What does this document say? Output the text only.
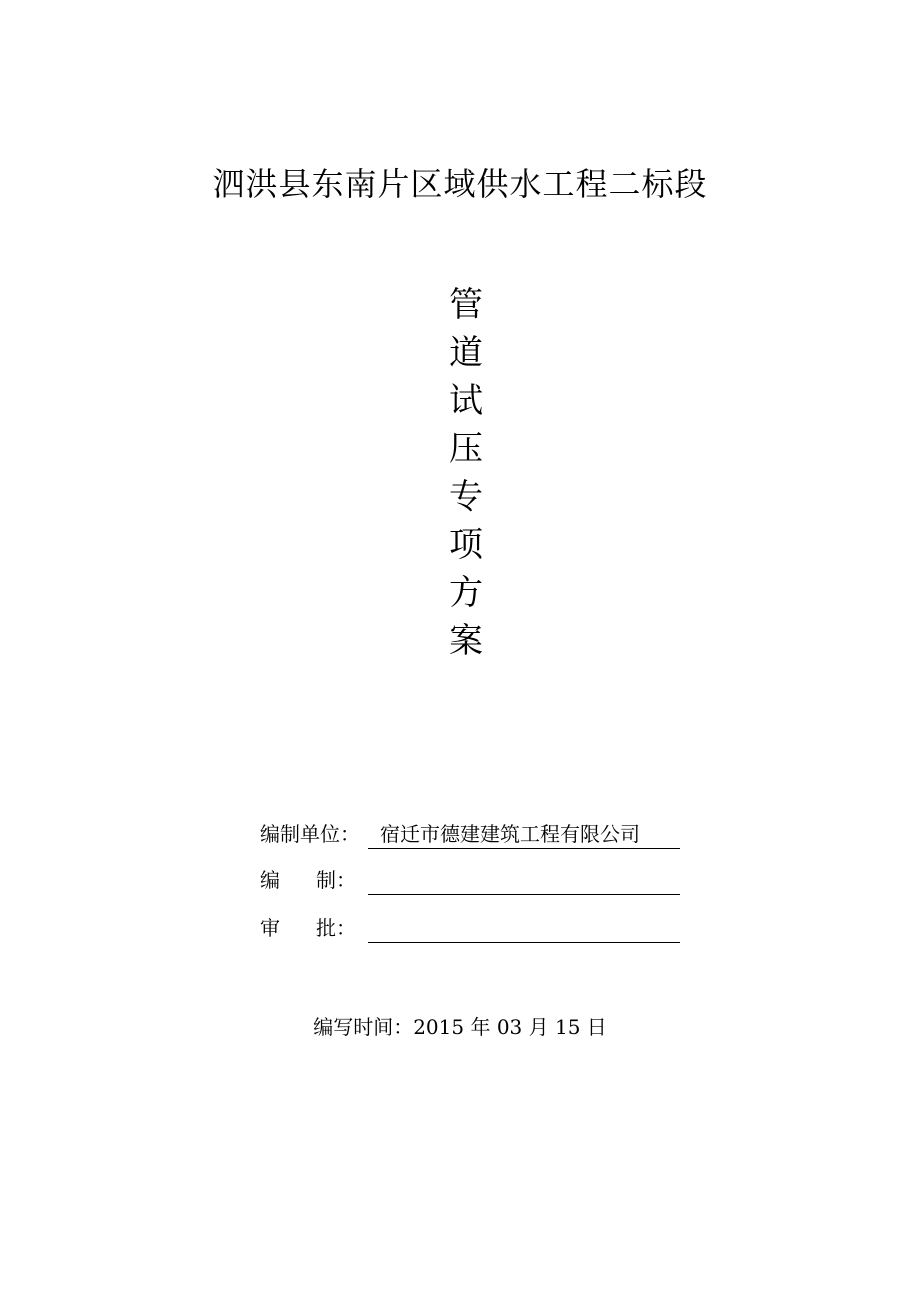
泗洪县东南片区域供水工程二标段
管
道
试
压
专
项
方
案
编制单位： 宿迁市德建建筑工程有限公司
编 制：
审 批：
编写时间：2015 年 03 月 15 日
